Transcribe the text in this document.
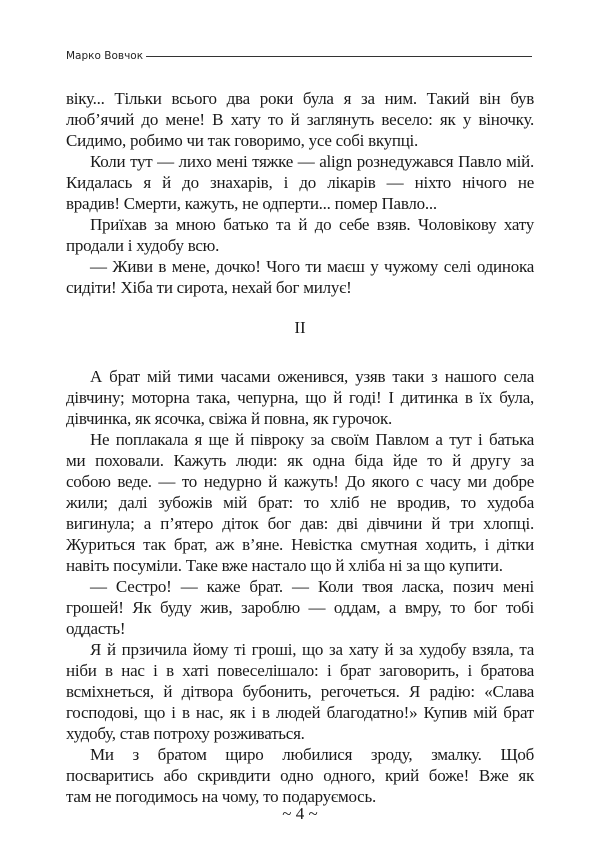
Марко Вовчок
віку... Тільки всього два роки була я за ним. Такий він був
люб’ячий до мене! В хату то й заглянуть весело: як у віночку.
Сидимо, робимо чи так говоримо, усе собі вкупці.
Коли тут — лихо мені тяжке — align рознедужався Павло мій.
Кидалась я й до знахарів, і до лікарів — ніхто нічого не
врадив! Смерти, кажуть, не одперти... помер Павло...
Приїхав за мною батько та й до себе взяв. Чоловікову хату
продали і худобу всю.
— Живи в мене, дочко! Чого ти маєш у чужому селі одинока
сидіти! Хіба ти сирота, нехай бог милує!
II
А брат мій тими часами оженився, узяв таки з нашого села
дівчину; моторна така, чепурна, що й годі! І дитинка в їх була,
дівчинка, як ясочка, свіжа й повна, як гурочок.
Не поплакала я ще й півроку за своїм Павлом а тут і батька
ми поховали. Кажуть люди: як одна біда йде то й другу за
собою веде. — то недурно й кажуть! До якого с часу ми добре
жили; далі зубожів мій брат: то хліб не вродив, то худоба
вигинула; а п’ятеро діток бог дав: дві дівчини й три хлопці.
Журиться так брат, аж в’яне. Невістка смутная ходить, і дітки
навіть посуміли. Таке вже настало що й хліба ні за що купити.
— Сестро! — каже брат. — Коли твоя ласка, позич мені
грошей! Як буду жив, зароблю — оддам, а вмру, то бог тобі
оддасть!
Я й прзичила йому ті гроші, що за хату й за худобу взяла, та
ніби в нас і в хаті повеселішало: і брат заговорить, і братова
всміхнеться, й дітвора бубонить, регочеться. Я радію: «Слава
господові, що і в нас, як і в людей благодатно!» Купив мій брат
худобу, став потроху розживаться.
Ми з братом щиро любилися зроду, змалку. Щоб
посваритись або скривдити одно одного, крий боже! Вже як
там не погодимось на чому, то подаруємось.
~ 4 ~
